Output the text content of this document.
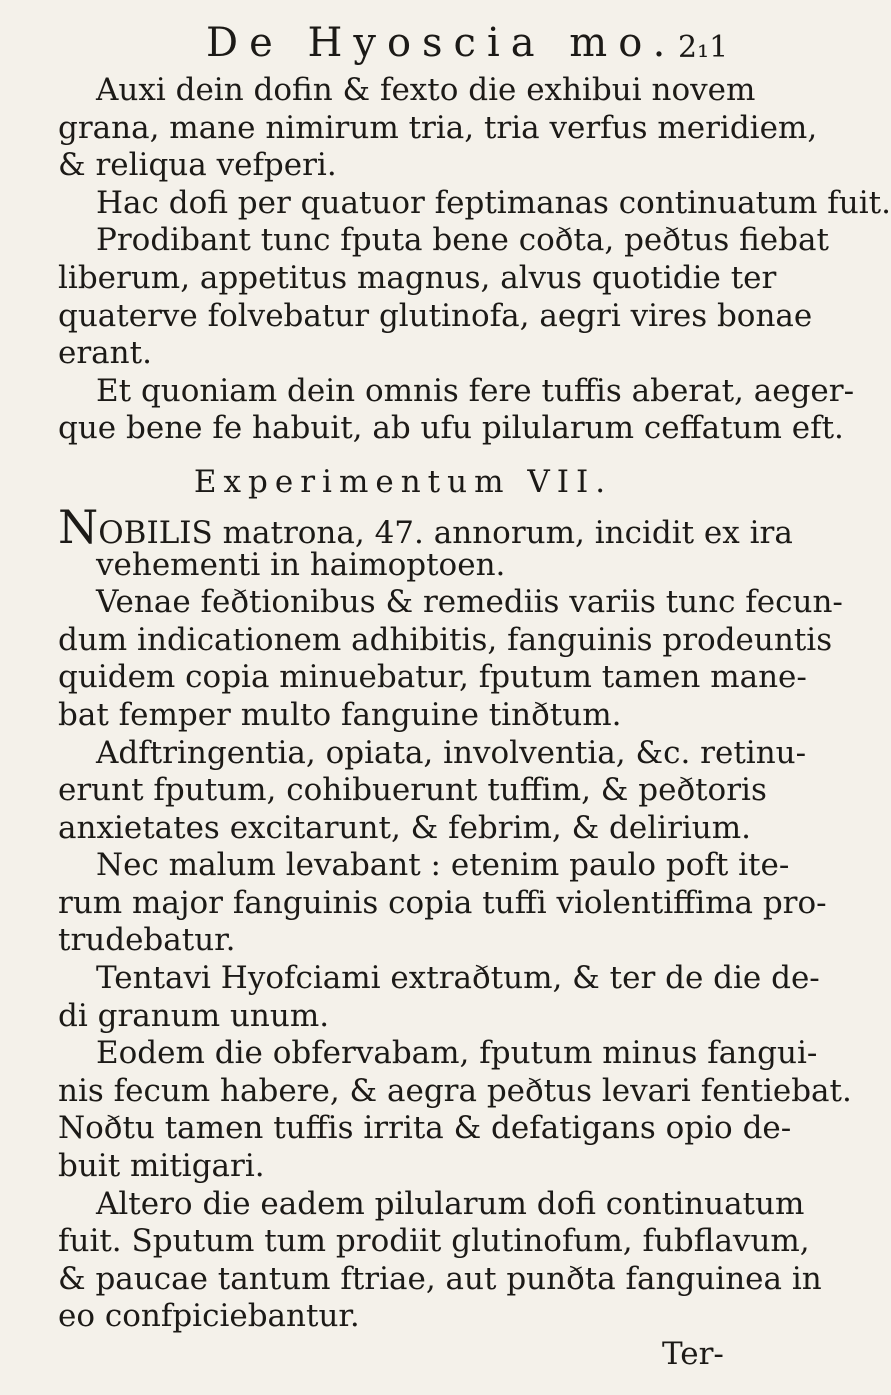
De Hyoscia mo. 2₁1
Auxi dein dofin & fexto die exhibui novem
grana, mane nimirum tria, tria verfus meridiem,
& reliqua vefperi.
Hac dofi per quatuor feptimanas continuatum fuit.
Prodibant tunc fputa bene coðta, peðtus fiebat
liberum, appetitus magnus, alvus quotidie ter
quaterve folvebatur glutinofa, aegri vires bonae
erant.
Et quoniam dein omnis fere tuffis aberat, aeger-
que bene fe habuit, ab ufu pilularum ceffatum eft.
Experimentum VII.
NOBILIS matrona, 47. annorum, incidit ex ira
vehementi in haimoptoen.
Venae feðtionibus & remediis variis tunc fecun-
dum indicationem adhibitis, fanguinis prodeuntis
quidem copia minuebatur, fputum tamen mane-
bat femper multo fanguine tinðtum.
Adftringentia, opiata, involventia, &c. retinu-
erunt fputum, cohibuerunt tuffim, & peðtoris
anxietates excitarunt, & febrim, & delirium.
Nec malum levabant : etenim paulo poft ite-
rum major fanguinis copia tuffi violentiffima pro-
trudebatur.
Tentavi Hyofciami extraðtum, & ter de die de-
di granum unum.
Eodem die obfervabam, fputum minus fangui-
nis fecum habere, & aegra peðtus levari fentiebat.
Noðtu tamen tuffis irrita & defatigans opio de-
buit mitigari.
Altero die eadem pilularum dofi continuatum
fuit. Sputum tum prodiit glutinofum, fubflavum,
& paucae tantum ftriae, aut punðta fanguinea in
eo confpiciebantur.
Ter-
